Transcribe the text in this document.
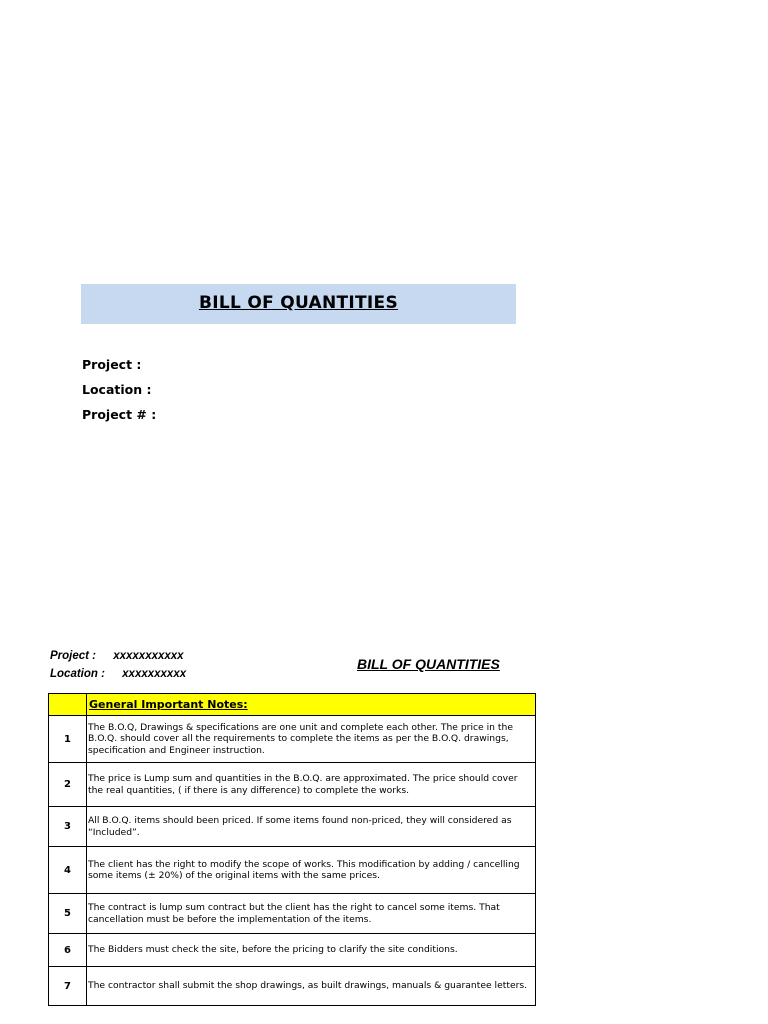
BILL OF QUANTITIES
Project :
Location :
Project # :
Project : xxxxxxxxxxx
Location : xxxxxxxxxx
BILL OF QUANTITIES
	General Important Notes:
1	The B.O.Q, Drawings & specifications are one unit and complete each other. The price in the B.O.Q. should cover all the requirements to complete the items as per the B.O.Q. drawings, specification and Engineer instruction.
2	The price is Lump sum and quantities in the B.O.Q. are approximated. The price should cover the real quantities, ( if there is any difference) to complete the works.
3	All B.O.Q. items should been priced. If some items found non-priced, they will considered as “Included”.
4	The client has the right to modify the scope of works. This modification by adding / cancelling some items (± 20%) of the original items with the same prices.
5	The contract is lump sum contract but the client has the right to cancel some items. That cancellation must be before the implementation of the items.
6	The Bidders must check the site, before the pricing to clarify the site conditions.
7	The contractor shall submit the shop drawings, as built drawings, manuals & guarantee letters.
